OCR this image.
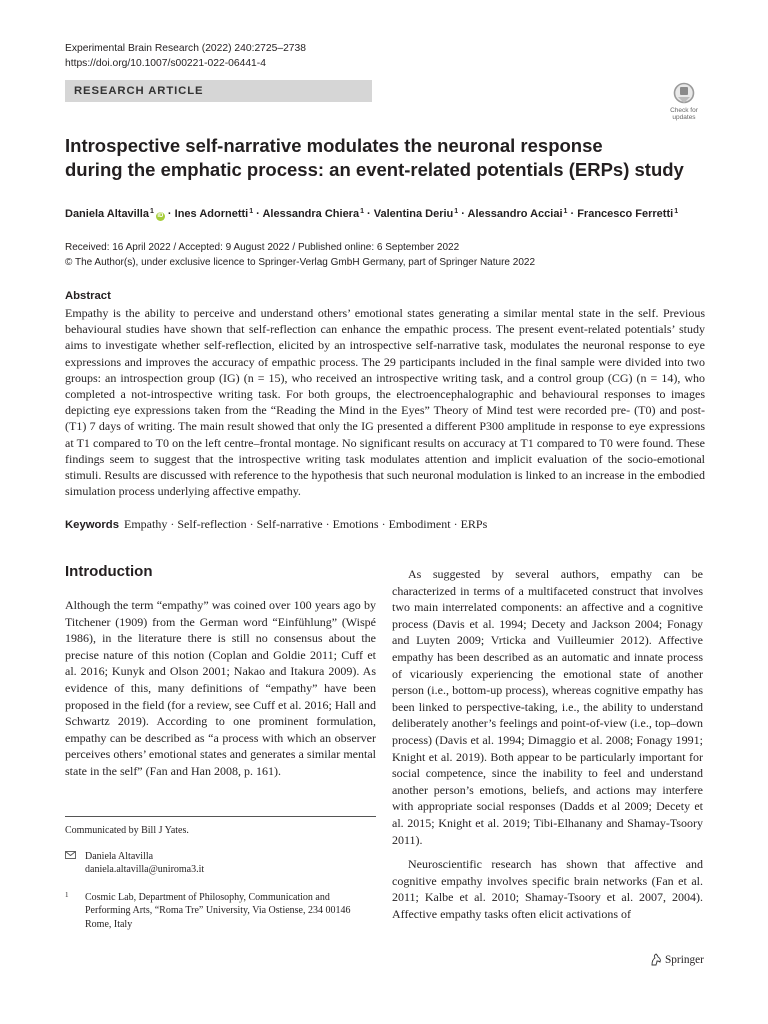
Experimental Brain Research (2022) 240:2725–2738
https://doi.org/10.1007/s00221-022-06441-4
RESEARCH ARTICLE
Check for
updates
Introspective self-narrative modulates the neuronal response
during the emphatic process: an event-related potentials (ERPs) study
Daniela Altavilla$^1$iD · Ines Adornetti$^1$ · Alessandra Chiera$^1$ · Valentina Deriu$^1$ · Alessandro Acciai$^1$ · Francesco Ferretti$^1$
Received: 16 April 2022 / Accepted: 9 August 2022 / Published online: 6 September 2022
© The Author(s), under exclusive licence to Springer-Verlag GmbH Germany, part of Springer Nature 2022
Abstract

Empathy is the ability to perceive and understand others’ emotional states generating a similar mental state in the self. Previous behavioural studies have shown that self-reflection can enhance the empathic process. The present event-related potentials’ study aims to investigate whether self-reflection, elicited by an introspective self-narrative task, modulates the neuronal response to eye expressions and improves the accuracy of empathic process. The 29 participants included in the final sample were divided into two groups: an introspection group (IG) (n = 15), who received an introspective writing task, and a control group (CG) (n = 14), who completed a not-introspective writing task. For both groups, the electroencephalographic and behavioural responses to images depicting eye expressions taken from the “Reading the Mind in the Eyes” Theory of Mind test were recorded pre- (T0) and post- (T1) 7 days of writing. The main result showed that only the IG presented a different P300 amplitude in response to eye expressions at T1 compared to T0 on the left centre–frontal montage. No significant results on accuracy at T1 compared to T0 were found. These findings seem to suggest that the introspective writing task modulates attention and implicit evaluation of the socio-emotional stimuli. Results are discussed with reference to the hypothesis that such neuronal modulation is linked to an increase in the embodied simulation process underlying affective empathy.

Keywords Empathy · Self-reflection · Self-narrative · Emotions · Embodiment · ERPs
Introduction

Although the term “empathy” was coined over 100 years ago by Titchener (1909) from the German word “Einfühlung” (Wispé 1986), in the literature there is still no consensus about the precise nature of this notion (Coplan and Goldie 2011; Cuff et al. 2016; Kunyk and Olson 2001; Nakao and Itakura 2009). As evidence of this, many definitions of “empathy” have been proposed in the field (for a review, see Cuff et al. 2016; Hall and Schwartz 2019). According to one prominent formulation, empathy can be described as “a process with which an observer perceives others’ emotional states and generates a similar mental state in the self” (Fan and Han 2008, p. 161).

As suggested by several authors, empathy can be characterized in terms of a multifaceted construct that involves two main interrelated components: an affective and a cognitive process (Davis et al. 1994; Decety and Jackson 2004; Fonagy and Luyten 2009; Vrticka and Vuilleumier 2012). Affective empathy has been described as an automatic and innate process of vicariously experiencing the emotional state of another person (i.e., bottom-up process), whereas cognitive empathy has been linked to perspective-taking, i.e., the ability to understand deliberately another’s feelings and point-of-view (i.e., top–down process) (Davis et al. 1994; Dimaggio et al. 2008; Fonagy 1991; Knight et al. 2019). Both appear to be particularly important for social competence, since the inability to feel and understand another person’s emotions, beliefs, and actions may interfere with appropriate social responses (Dadds et al 2009; Decety et al. 2015; Knight et al. 2019; Tibi-Elhanany and Shamay-Tsoory 2011).

Neuroscientific research has shown that affective and cognitive empathy involves specific brain networks (Fan et al. 2011; Kalbe et al. 2010; Shamay-Tsoory et al. 2007, 2004). Affective empathy tasks often elicit activations of

Communicated by Bill J Yates.
Daniela Altavilla
daniela.altavilla@uniroma3.it
1	Cosmic Lab, Department of Philosophy, Communication and Performing Arts, “Roma Tre” University, Via Ostiense, 234 00146 Rome, Italy
Springer
